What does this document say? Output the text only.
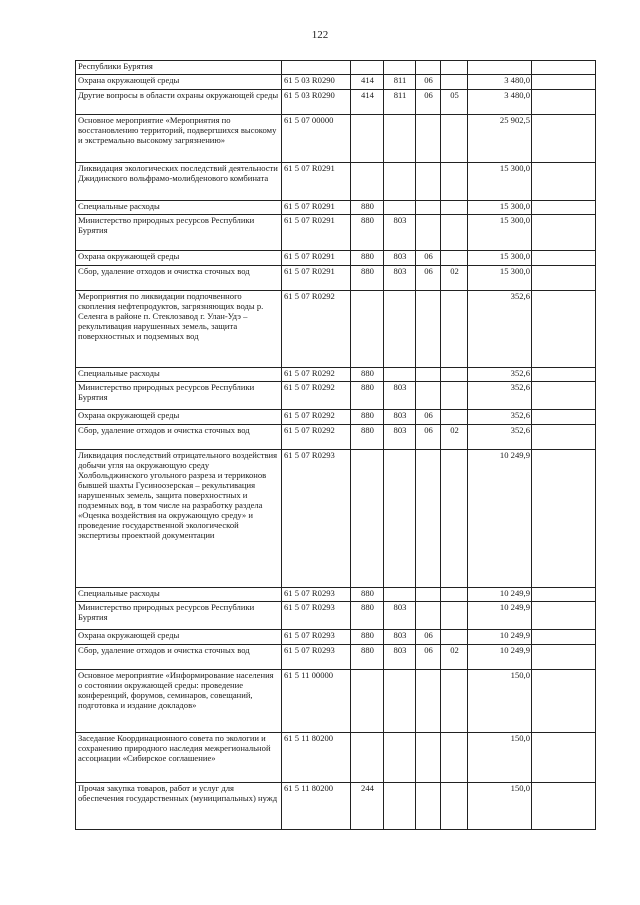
122
Республики Бурятия							
Охрана окружающей среды	61 5 03 R0290	414	811	06		3 480,0	
Другие вопросы в области охраны окружающей среды	61 5 03 R0290	414	811	06	05	3 480,0	
Основное мероприятие «Мероприятия по восстановлению территорий, подвергшихся высокому и экстремально высокому загрязнению»	61 5 07 00000					25 902,5	
Ликвидация экологических последствий деятельности Джидинского вольфрамо-молибденового комбината	61 5 07 R0291					15 300,0	
Специальные расходы	61 5 07 R0291	880				15 300,0	
Министерство природных ресурсов Республики Бурятия	61 5 07 R0291	880	803			15 300,0	
Охрана окружающей среды	61 5 07 R0291	880	803	06		15 300,0	
Сбор, удаление отходов и очистка сточных вод	61 5 07 R0291	880	803	06	02	15 300,0	
Мероприятия по ликвидации подпочвенного скопления нефтепродуктов, загрязняющих воды р. Селенга в районе п. Стеклозавод г. Улан-Удэ – рекультивация нарушенных земель, защита поверхностных и подземных вод	61 5 07 R0292					352,6	
Специальные расходы	61 5 07 R0292	880				352,6	
Министерство природных ресурсов Республики Бурятия	61 5 07 R0292	880	803			352,6	
Охрана окружающей среды	61 5 07 R0292	880	803	06		352,6	
Сбор, удаление отходов и очистка сточных вод	61 5 07 R0292	880	803	06	02	352,6	
Ликвидация последствий отрицательного воздействия добычи угля на окружающую среду Холбольджинского угольного разреза и терриконов бывшей шахты Гусиноозерская – рекультивация нарушенных земель, защита поверхностных и подземных вод, в том числе на разработку раздела «Оценка воздействия на окружающую среду» и проведение государственной экологической экспертизы проектной документации	61 5 07 R0293					10 249,9	
Специальные расходы	61 5 07 R0293	880				10 249,9	
Министерство природных ресурсов Республики Бурятия	61 5 07 R0293	880	803			10 249,9	
Охрана окружающей среды	61 5 07 R0293	880	803	06		10 249,9	
Сбор, удаление отходов и очистка сточных вод	61 5 07 R0293	880	803	06	02	10 249,9	
Основное мероприятие «Информирование населения о состоянии окружающей среды: проведение конференций, форумов, семинаров, совещаний, подготовка и издание докладов»	61 5 11 00000					150,0	
Заседание Координационного совета по экологии и сохранению природного наследия межрегиональной ассоциации «Сибирское соглашение»	61 5 11 80200					150,0	
Прочая закупка товаров, работ и услуг для обеспечения государственных (муниципальных) нужд	61 5 11 80200	244				150,0	
